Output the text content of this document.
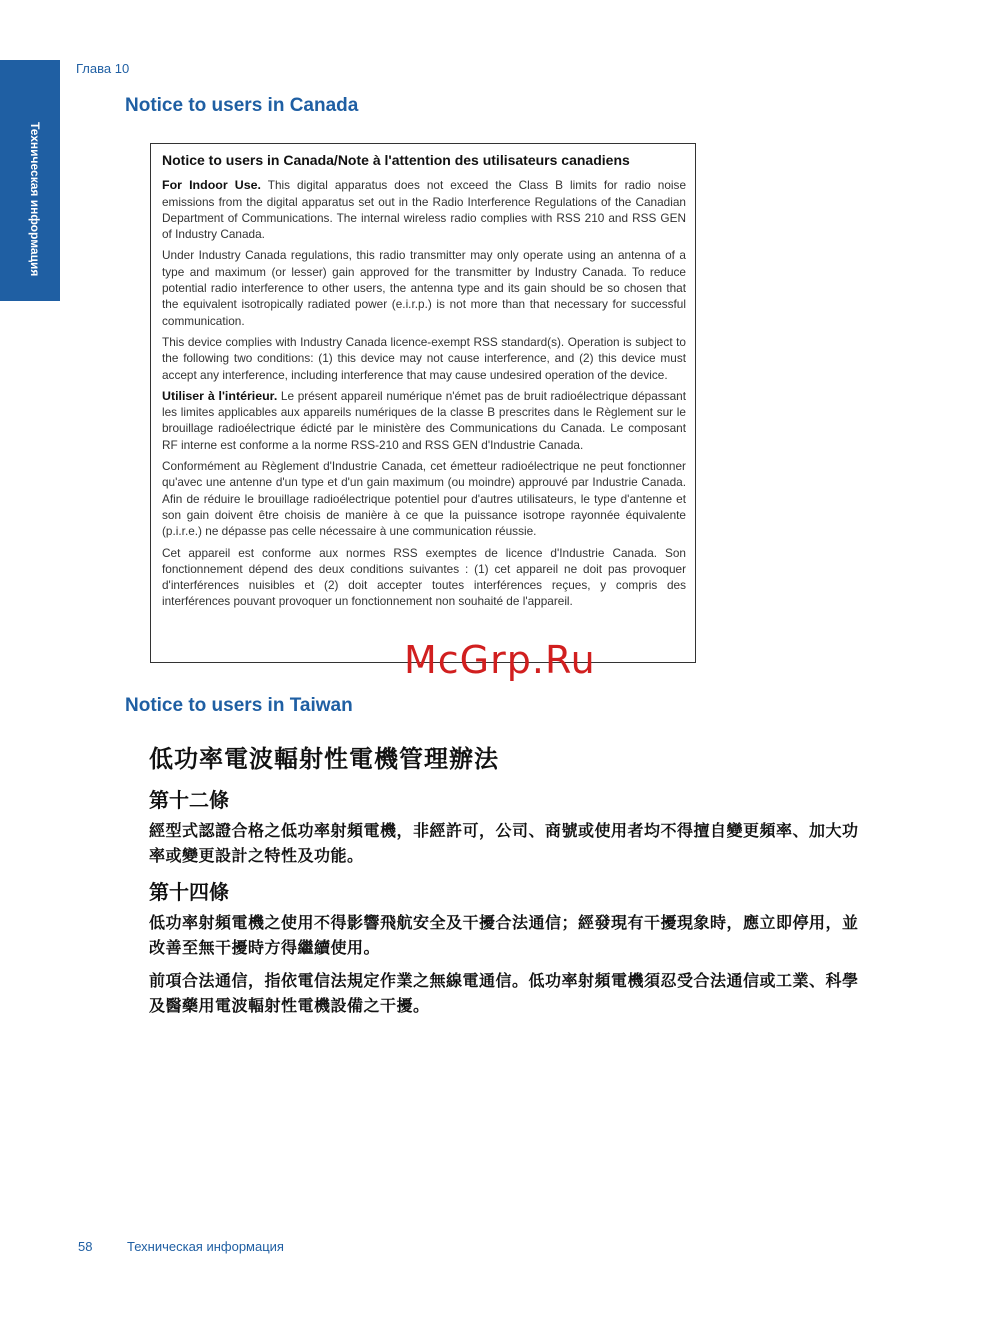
Техническая информация
Глава 10
Notice to users in Canada
Notice to users in Canada/Note à l'attention des utilisateurs canadiens

For Indoor Use. This digital apparatus does not exceed the Class B limits for radio noise emissions from the digital apparatus set out in the Radio Interference Regulations of the Canadian Department of Communications. The internal wireless radio complies with RSS 210 and RSS GEN of Industry Canada.

Under Industry Canada regulations, this radio transmitter may only operate using an antenna of a type and maximum (or lesser) gain approved for the transmitter by Industry Canada. To reduce potential radio interference to other users, the antenna type and its gain should be so chosen that the equivalent isotropically radiated power (e.i.r.p.) is not more than that necessary for successful communication.

This device complies with Industry Canada licence-exempt RSS standard(s). Operation is subject to the following two conditions: (1) this device may not cause interference, and (2) this device must accept any interference, including interference that may cause undesired operation of the device.

Utiliser à l'intérieur. Le présent appareil numérique n'émet pas de bruit radioélectrique dépassant les limites applicables aux appareils numériques de la classe B prescrites dans le Règlement sur le brouillage radioélectrique édicté par le ministère des Communications du Canada. Le composant RF interne est conforme a la norme RSS-210 and RSS GEN d'Industrie Canada.

Conformément au Règlement d'Industrie Canada, cet émetteur radioélectrique ne peut fonctionner qu'avec une antenne d'un type et d'un gain maximum (ou moindre) approuvé par Industrie Canada. Afin de réduire le brouillage radioélectrique potentiel pour d'autres utilisateurs, le type d'antenne et son gain doivent être choisis de manière à ce que la puissance isotrope rayonnée équivalente (p.i.r.e.) ne dépasse pas celle nécessaire à une communication réussie.

Cet appareil est conforme aux normes RSS exemptes de licence d'Industrie Canada. Son fonctionnement dépend des deux conditions suivantes : (1) cet appareil ne doit pas provoquer d'interférences nuisibles et (2) doit accepter toutes interférences reçues, y compris des interférences pouvant provoquer un fonctionnement non souhaité de l'appareil.

McGrp.Ru
Notice to users in Taiwan
低功率電波輻射性電機管理辦法
第十二條

經型式認證合格之低功率射頻電機，非經許可，公司、商號或使用者均不得擅自變更頻率、加大功率或變更設計之特性及功能。

第十四條

低功率射頻電機之使用不得影響飛航安全及干擾合法通信；經發現有干擾現象時，應立即停用，並改善至無干擾時方得繼續使用。

前項合法通信，指依電信法規定作業之無線電通信。低功率射頻電機須忍受合法通信或工業、科學及醫藥用電波輻射性電機設備之干擾。

58	Техническая информация
